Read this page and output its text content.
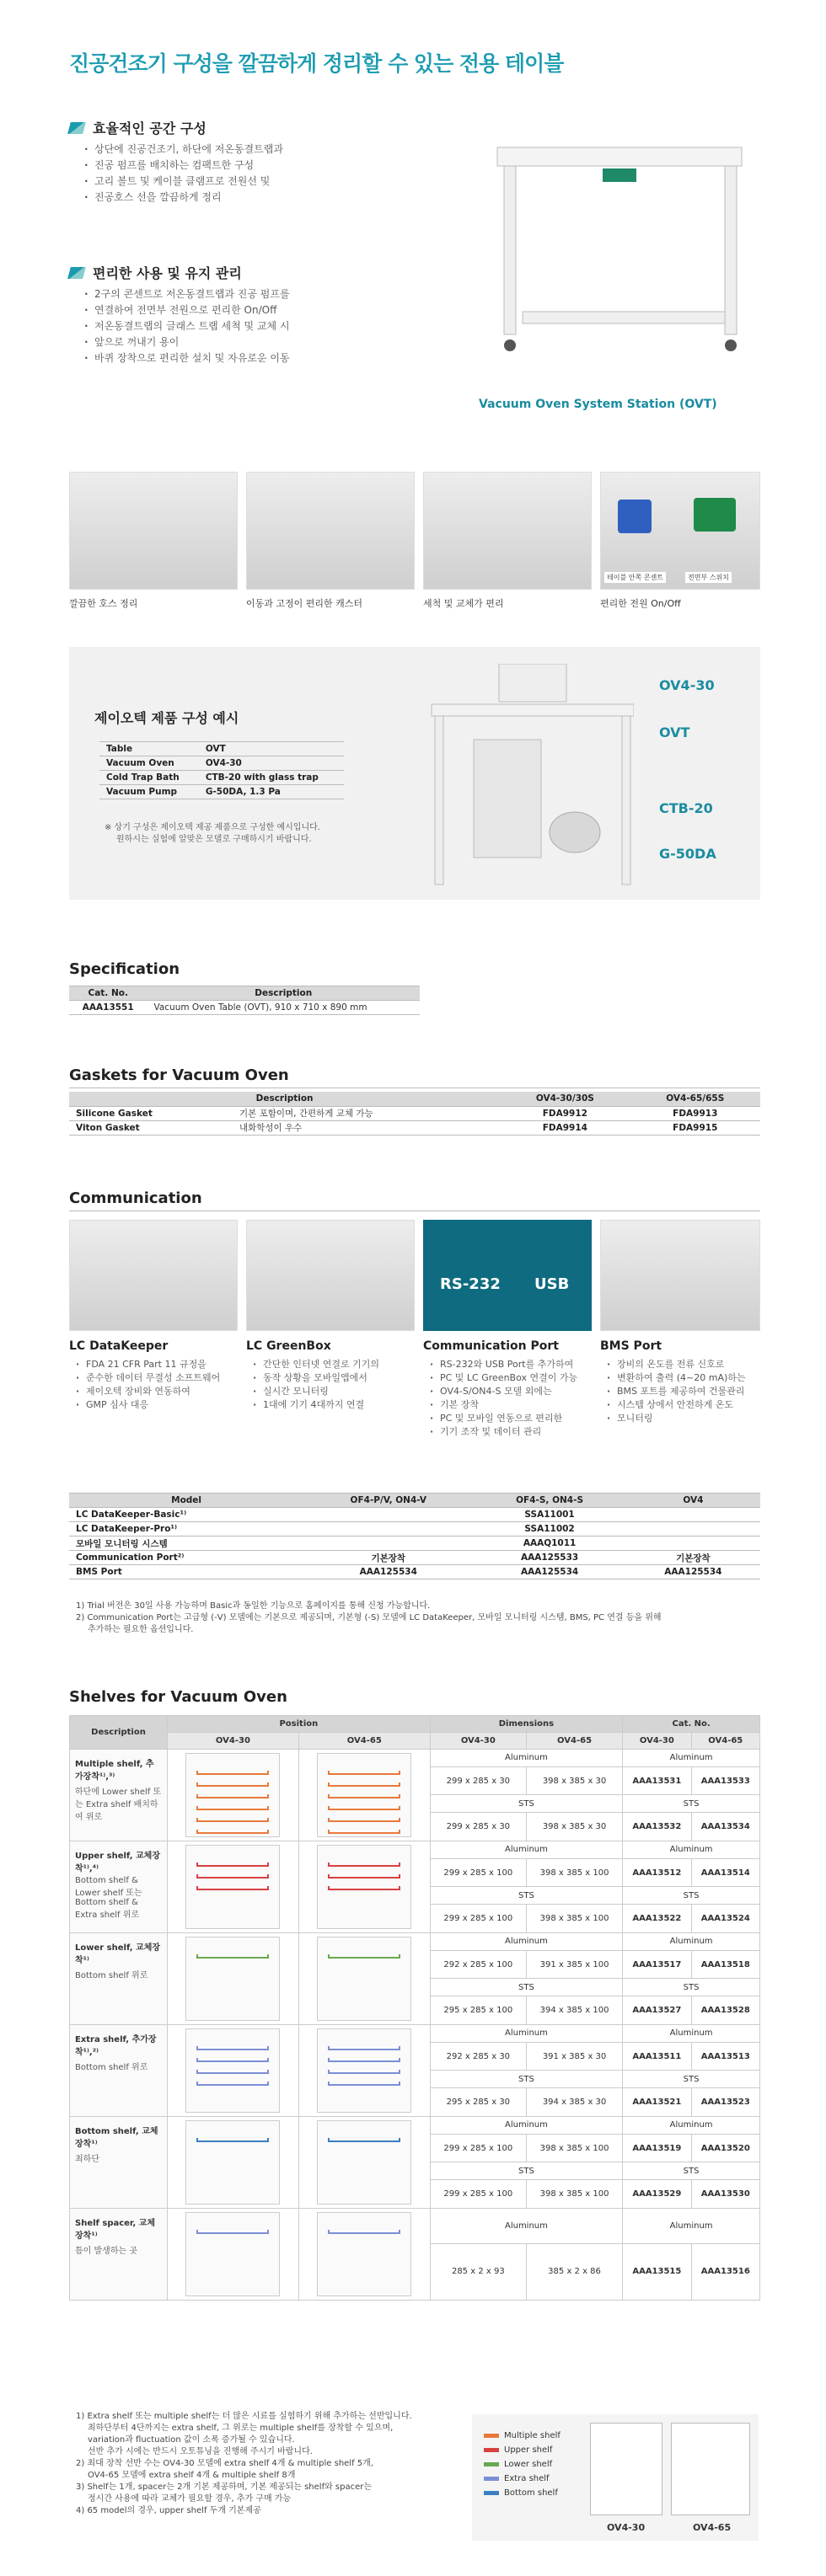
진공건조기 구성을 깔끔하게 정리할 수 있는 전용 테이블
효율적인 공간 구성
· 상단에 진공건조기, 하단에 저온동결트랩과
· 진공 펌프를 배치하는 컴팩트한 구성
· 고리 볼트 및 케이블 클램프로 전원선 및
· 진공호스 선을 깔끔하게 정리
편리한 사용 및 유지 관리
· 2구의 콘센트로 저온동결트랩과 진공 펌프를
· 연결하여 전면부 전원으로 편리한 On/Off
· 저온동결트랩의 글래스 트랩 세척 및 교체 시
· 앞으로 꺼내기 용이
· 바퀴 장착으로 편리한 설치 및 자유로운 이동
Vacuum Oven System Station (OVT)
테이블 안쪽 콘센트	전면부 스위치
깔끔한 호스 정리	이동과 고정이 편리한 캐스터	세척 및 교체가 편리	편리한 전원 On/Off
제이오텍 제품 구성 예시
Table	OVT
Vacuum Oven	OV4-30
Cold Trap Bath	CTB-20 with glass trap
Vacuum Pump	G-50DA, 1.3 Pa
※ 상기 구성은 제이오텍 제공 제품으로 구성한 예시입니다.
원하시는 실험에 알맞은 모델로 구매하시기 바랍니다.
OV4-30
OVT
CTB-20
G-50DA
Specification
Cat. No.	Description
AAA13551	Vacuum Oven Table (OVT), 910 x 710 x 890 mm
Gaskets for Vacuum Oven
Description		OV4-30/30S	OV4-65/65S
Silicone Gasket	기본 포함이며, 간편하게 교체 가능	FDA9912	FDA9913
Viton Gasket	내화학성이 우수	FDA9914	FDA9915
Communication
RS-232 USB
LC DataKeeper
· FDA 21 CFR Part 11 규정을
· 준수한 데이터 무결성 소프트웨어
· 제이오텍 장비와 연동하여
· GMP 심사 대응
LC GreenBox
· 간단한 인터넷 연결로 기기의
· 동작 상황을 모바일앱에서
· 실시간 모니터링
· 1대에 기기 4대까지 연결
Communication Port
· RS-232와 USB Port를 추가하여
· PC 및 LC GreenBox 연결이 가능
· OV4-S/ON4-S 모델 외에는
· 기본 장착
· PC 및 모바일 연동으로 편리한
· 기기 조작 및 데이터 관리
BMS Port
· 장비의 온도를 전류 신호로
· 변환하여 출력 (4~20 mA)하는
· BMS 포트를 제공하여 건물관리
· 시스템 상에서 안전하게 온도
· 모니터링
Model	OF4-P/V, ON4-V	OF4-S, ON4-S	OV4
LC DataKeeper-Basic¹⁾		SSA11001	
LC DataKeeper-Pro¹⁾		SSA11002	
모바일 모니터링 시스템		AAAQ1011	
Communication Port²⁾	기본장착	AAA125533	기본장착
BMS Port	AAA125534	AAA125534	AAA125534
1) Trial 버전은 30일 사용 가능하며 Basic과 동일한 기능으로 홈페이지를 통해 신청 가능합니다.
2) Communication Port는 고급형 (-V) 모델에는 기본으로 제공되며, 기본형 (-S) 모델에 LC DataKeeper, 모바일 모니터링 시스템, BMS, PC 연결 등을 위해
추가하는 필요한 옵션입니다.
Shelves for Vacuum Oven
Description	Position		Dimensions		Cat. No.	
	OV4-30	OV4-65	OV4-30	OV4-65	OV4-30	OV4-65
Multiple shelf, 추가장착¹⁾,³⁾
하단에 Lower shelf 또는 Extra shelf 배치하여 위로			Aluminum		Aluminum	
			299 x 285 x 30	398 x 385 x 30	AAA13531	AAA13533
			STS		STS	
			299 x 285 x 30	398 x 385 x 30	AAA13532	AAA13534
Upper shelf, 교체장착¹⁾,⁴⁾
Bottom shelf & Lower shelf 또는 Bottom shelf & Extra shelf 위로			Aluminum		Aluminum	
			299 x 285 x 100	398 x 385 x 100	AAA13512	AAA13514
			STS		STS	
			299 x 285 x 100	398 x 385 x 100	AAA13522	AAA13524
Lower shelf, 교체장착¹⁾
Bottom shelf 위로			Aluminum		Aluminum	
			292 x 285 x 100	391 x 385 x 100	AAA13517	AAA13518
			STS		STS	
			295 x 285 x 100	394 x 385 x 100	AAA13527	AAA13528
Extra shelf, 추가장착¹⁾,²⁾
Bottom shelf 위로			Aluminum		Aluminum	
			292 x 285 x 30	391 x 385 x 30	AAA13511	AAA13513
			STS		STS	
			295 x 285 x 30	394 x 385 x 30	AAA13521	AAA13523
Bottom shelf, 교체장착¹⁾
최하단			Aluminum		Aluminum	
			299 x 285 x 100	398 x 385 x 100	AAA13519	AAA13520
			STS		STS	
			299 x 285 x 100	398 x 385 x 100	AAA13529	AAA13530
Shelf spacer, 교체장착¹⁾
틈이 발생하는 곳			Aluminum		Aluminum	
			285 x 2 x 93	385 x 2 x 86	AAA13515	AAA13516
1) Extra shelf 또는 multiple shelf는 더 많은 시료를 실험하기 위해 추가하는 선반입니다.
최하단부터 4단까지는 extra shelf, 그 위로는 multiple shelf를 장착할 수 있으며,
variation과 fluctuation 값이 소폭 증가될 수 있습니다.
선반 추가 시에는 반드시 오토튜닝을 진행해 주시기 바랍니다.
2) 최대 장착 선반 수는 OV4-30 모델에 extra shelf 4개 & multiple shelf 5개,
OV4-65 모델에 extra shelf 4개 & multiple shelf 8개
3) Shelf는 1개, spacer는 2개 기본 제공하며, 기본 제공되는 shelf와 spacer는
정시간 사용에 따라 교체가 필요할 경우, 추가 구매 가능
4) 65 model의 경우, upper shelf 두개 기본제공
Multiple shelf
Upper shelf
Lower shelf
Extra shelf
Bottom shelf
OV4-30	OV4-65
